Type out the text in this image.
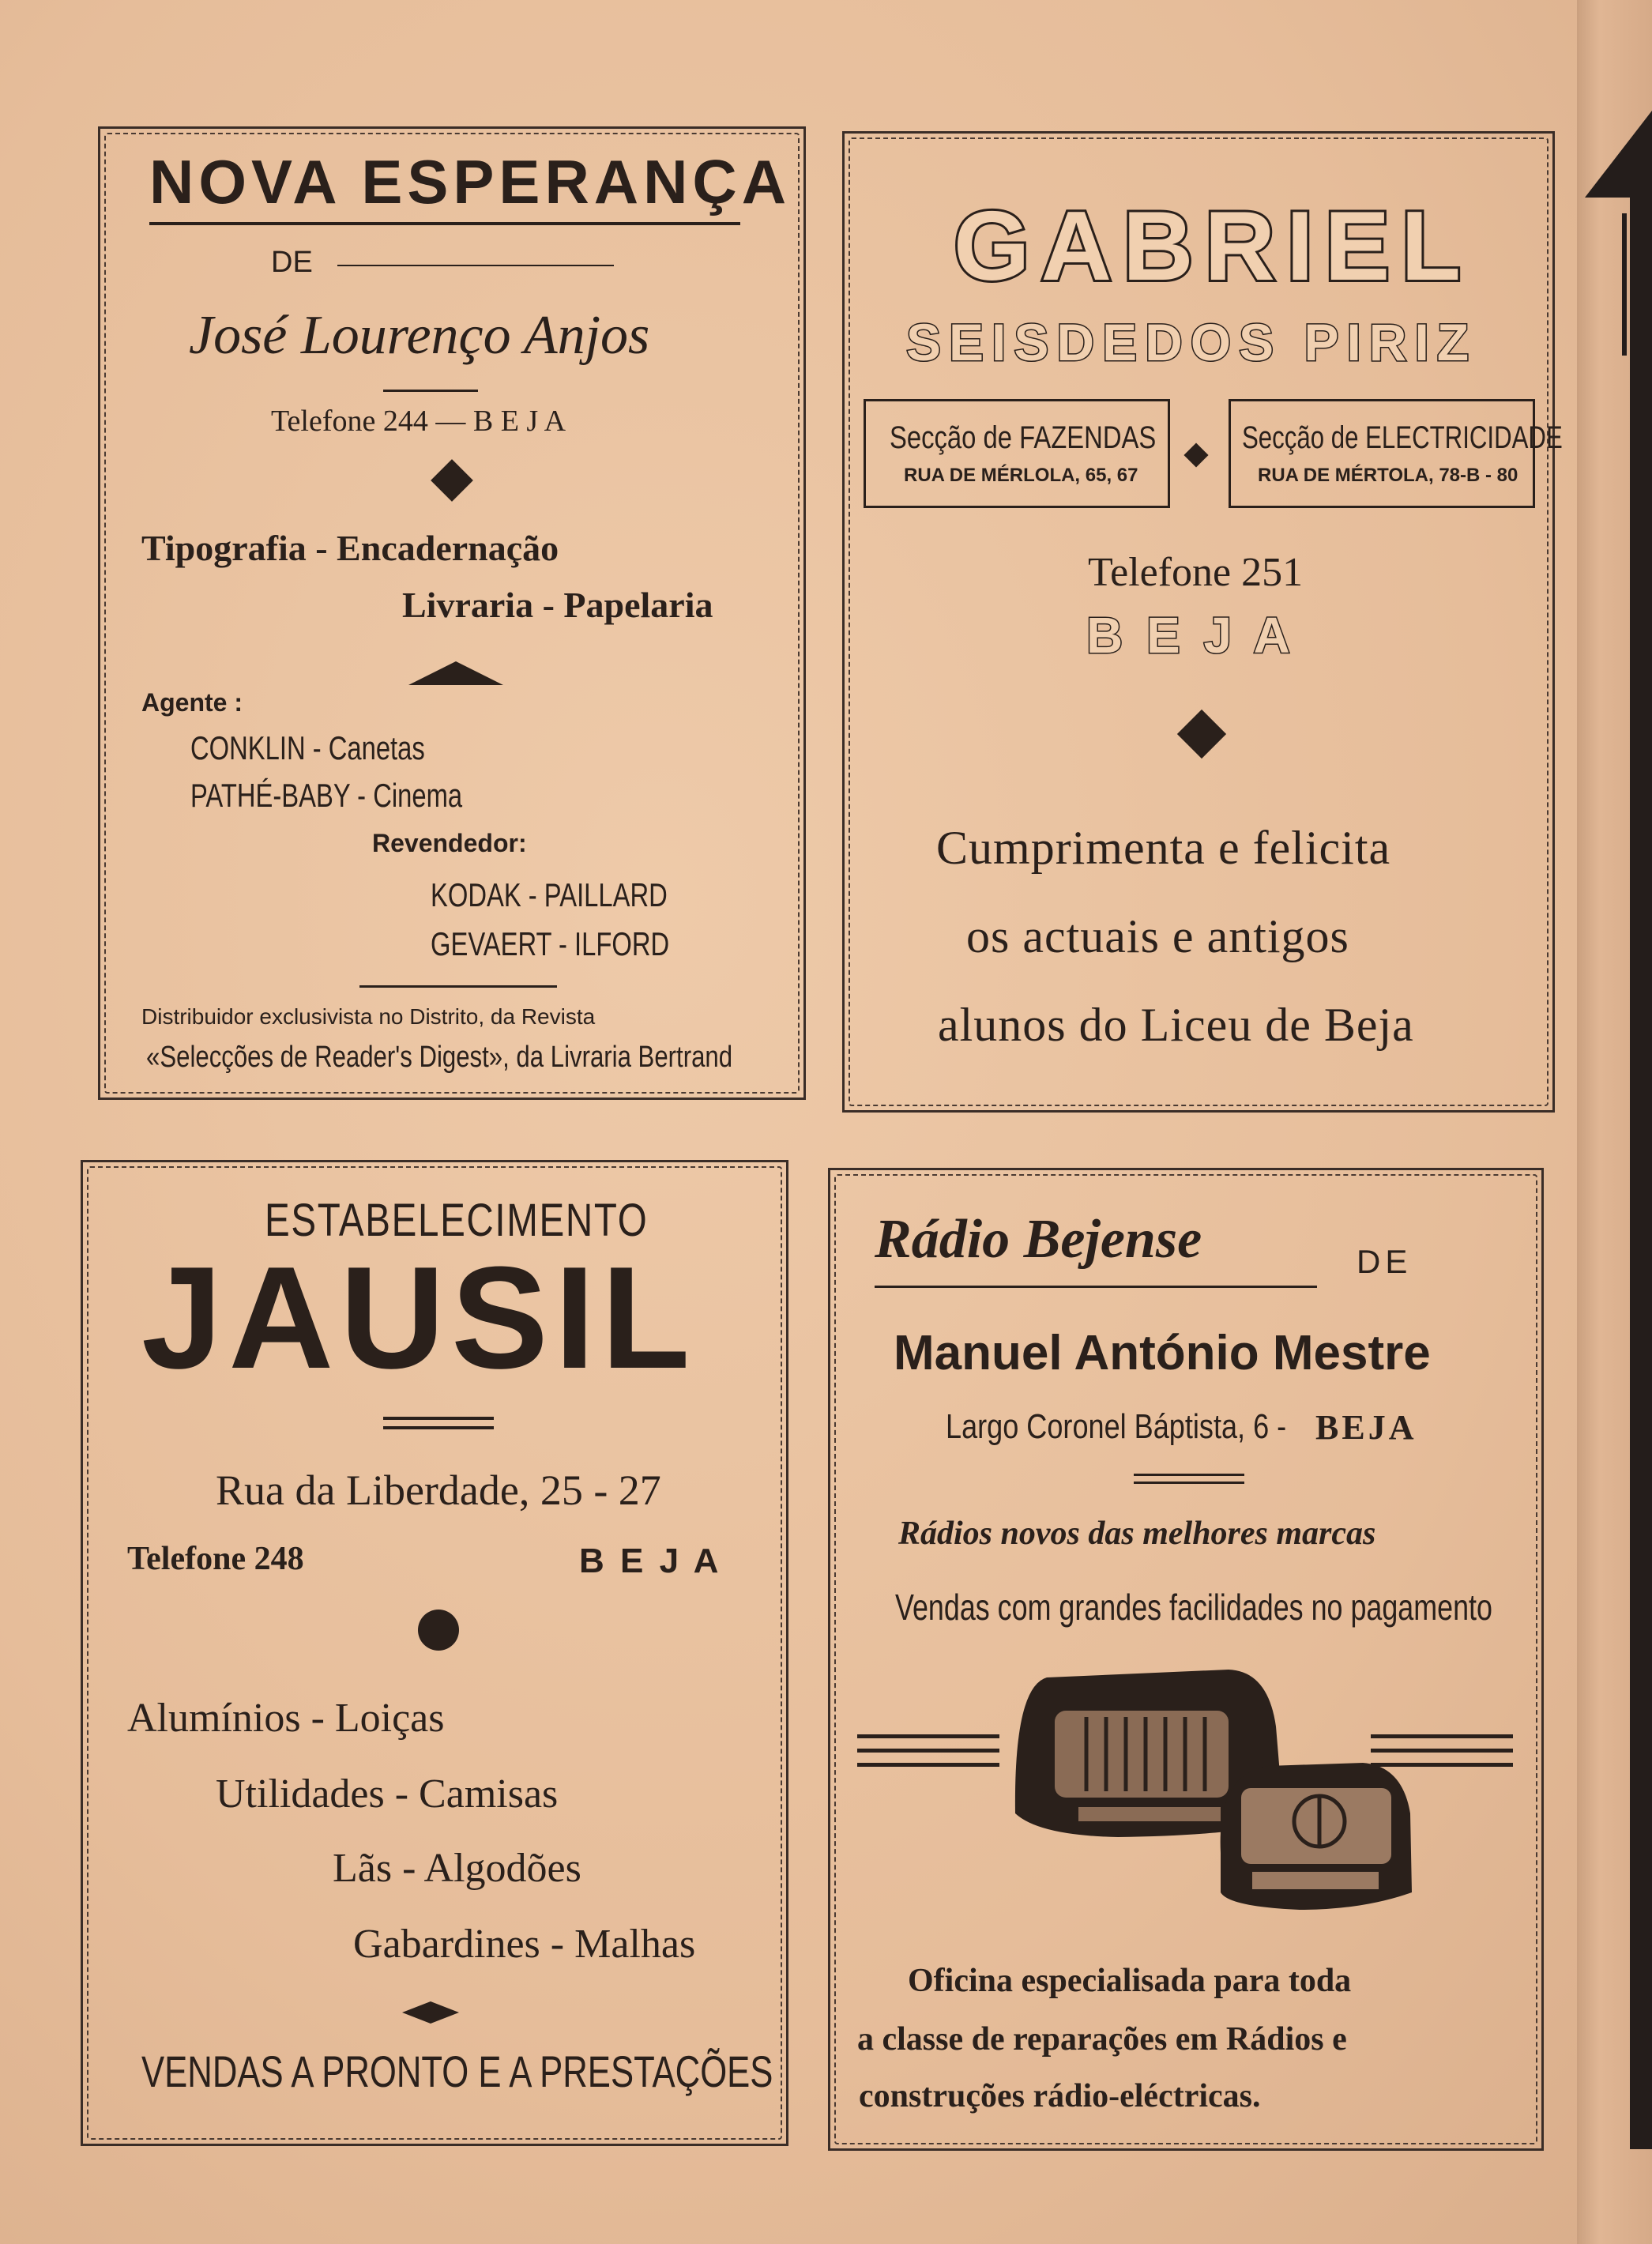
NOVA ESPERANÇA
DE
José Lourenço Anjos
Telefone 244 — B E J A
Tipografia - Encadernação
Livraria - Papelaria
Agente :
CONKLIN - Canetas
PATHÉ-BABY - Cinema
Revendedor:
KODAK - PAILLARD
GEVAERT - ILFORD
Distribuidor exclusivista no Distrito, da Revista
«Selecções de Reader's Digest», da Livraria Bertrand
GABRIEL
SEISDEDOS PIRIZ
Secção de FAZENDAS
RUA DE MÉRLOLA, 65, 67
Secção de ELECTRICIDADE
RUA DE MÉRTOLA, 78-B - 80
Telefone 251
B E J A
Cumprimenta e felicita
os actuais e antigos
alunos do Liceu de Beja
ESTABELECIMENTO
JAUSIL
Rua da Liberdade, 25 - 27
Telefone 248	B E J A
Alumínios - Loiças
Utilidades - Camisas
Lãs - Algodões
Gabardines - Malhas
VENDAS A PRONTO E A PRESTAÇÕES
Rádio Bejense	DE
Manuel António Mestre
Largo Coronel Báptista, 6 - BEJA
Rádios novos das melhores marcas
Vendas com grandes facilidades no pagamento
Oficina especialisada para toda
a classe de reparações em Rádios e
construções rádio-eléctricas.
